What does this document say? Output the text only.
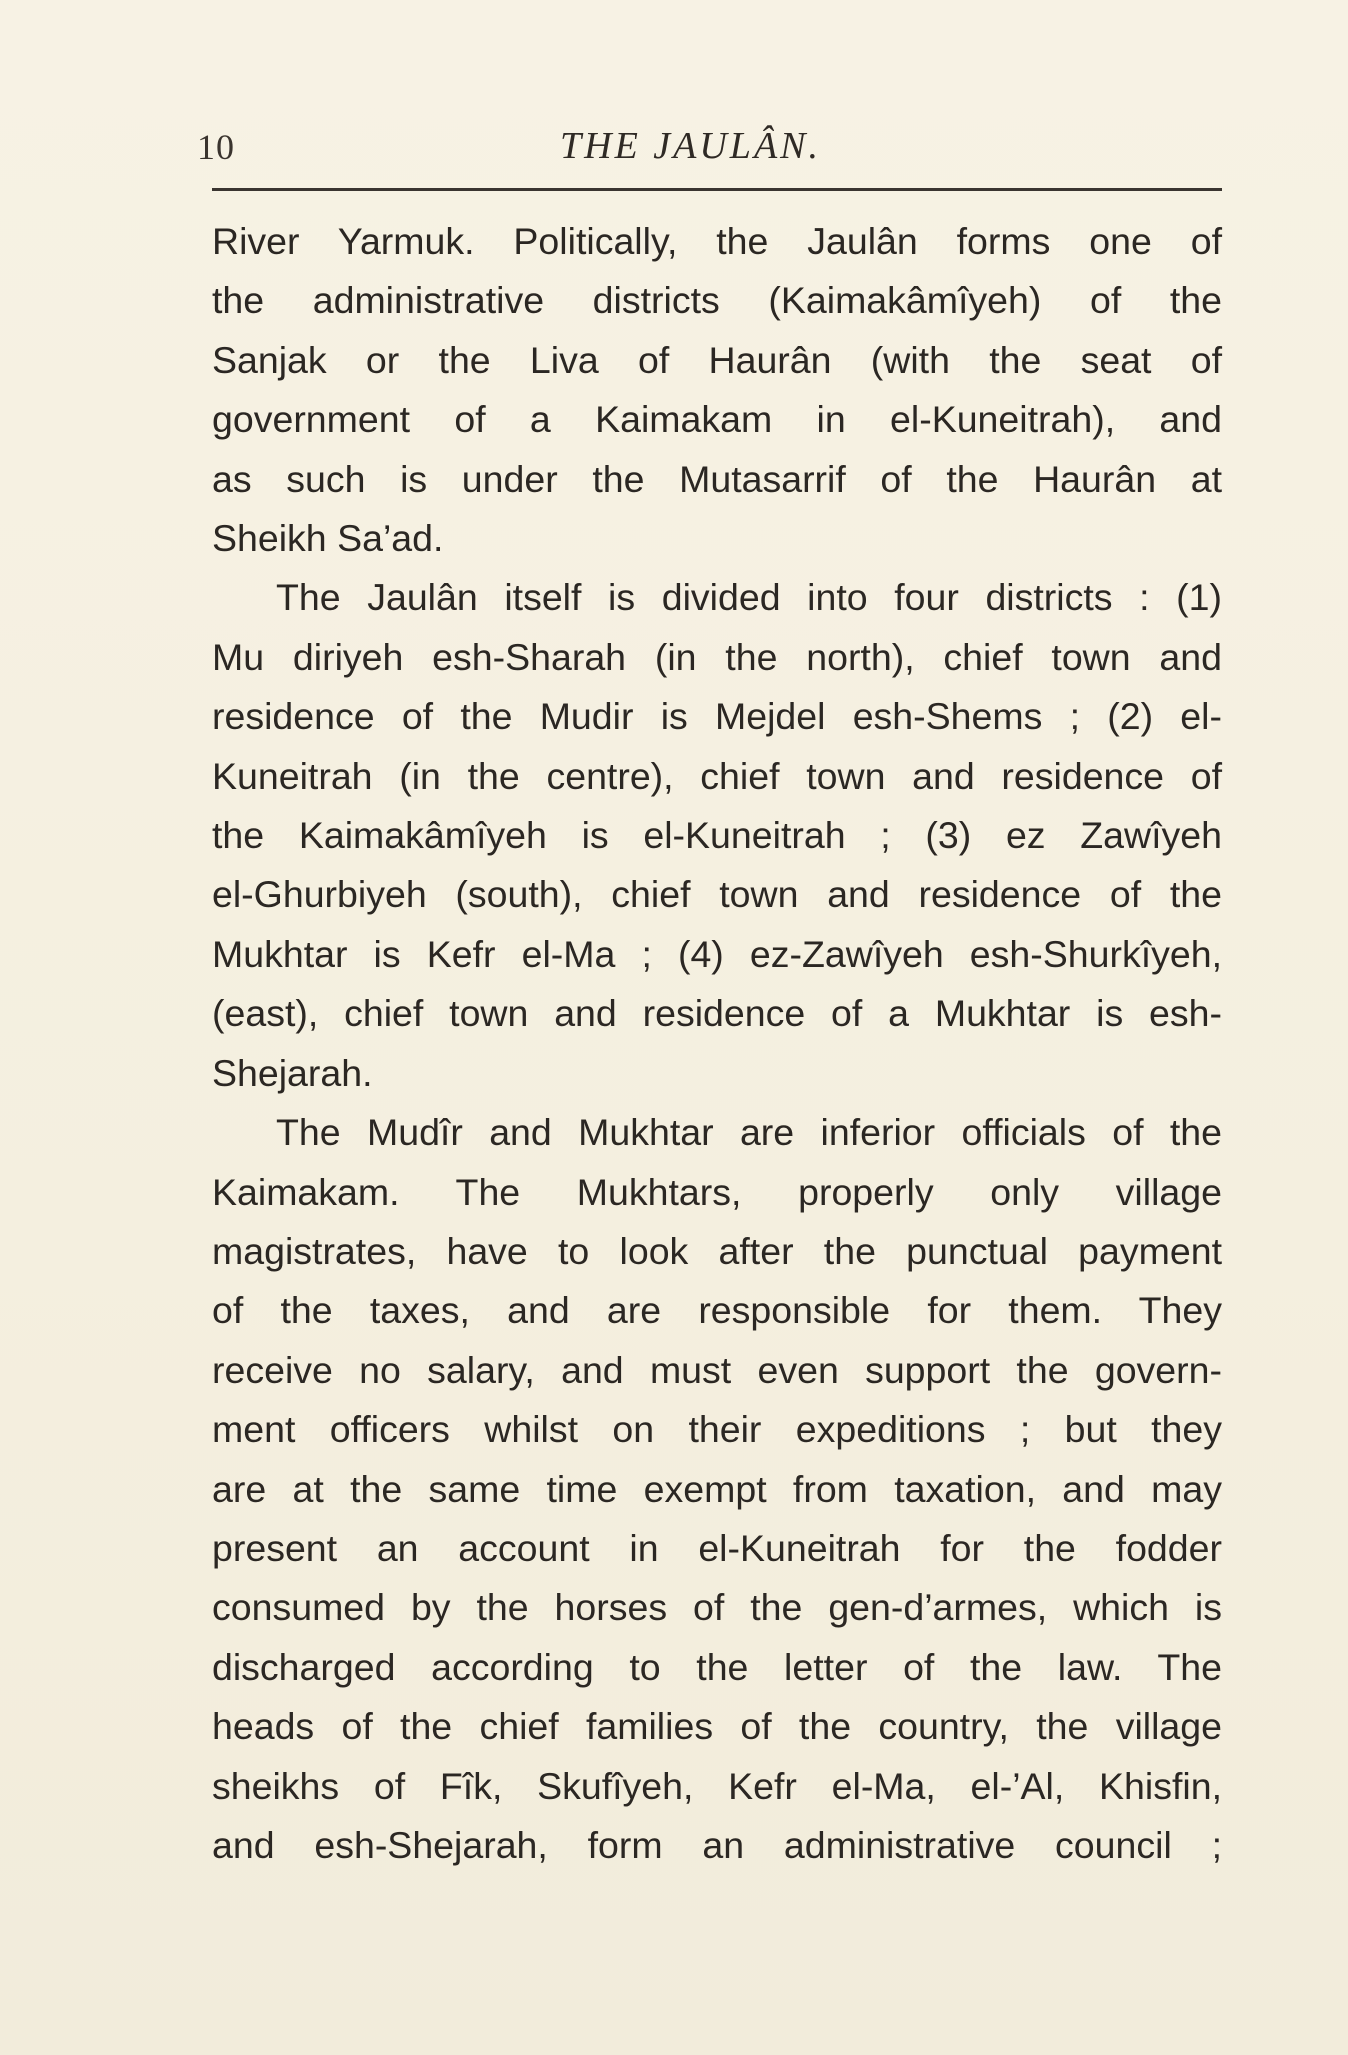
10	THE JAULÂN.
River Yarmuk. Politically, the Jaulân forms one of
the administrative districts (Kaimakâmîyeh) of the
Sanjak or the Liva of Haurân (with the seat of
government of a Kaimakam in el-Kuneitrah), and
as such is under the Mutasarrif of the Haurân at
Sheikh Sa’ad.
The Jaulân itself is divided into four districts : (1)
Mu diriyeh esh-Sharah (in the north), chief town and
residence of the Mudir is Mejdel esh-Shems ; (2) el-
Kuneitrah (in the centre), chief town and residence of
the Kaimakâmîyeh is el-Kuneitrah ; (3) ez Zawîyeh
el-Ghurbiyeh (south), chief town and residence of the
Mukhtar is Kefr el-Ma ; (4) ez-Zawîyeh esh-Shurkîyeh,
(east), chief town and residence of a Mukhtar is esh-
Shejarah.
The Mudîr and Mukhtar are inferior officials of the
Kaimakam. The Mukhtars, properly only village
magistrates, have to look after the punctual payment
of the taxes, and are responsible for them. They
receive no salary, and must even support the govern-
ment officers whilst on their expeditions ; but they
are at the same time exempt from taxation, and may
present an account in el-Kuneitrah for the fodder
consumed by the horses of the gen-d’armes, which is
discharged according to the letter of the law. The
heads of the chief families of the country, the village
sheikhs of Fîk, Skufîyeh, Kefr el-Ma, el-’Al, Khisfin,
and esh-Shejarah, form an administrative council ;
